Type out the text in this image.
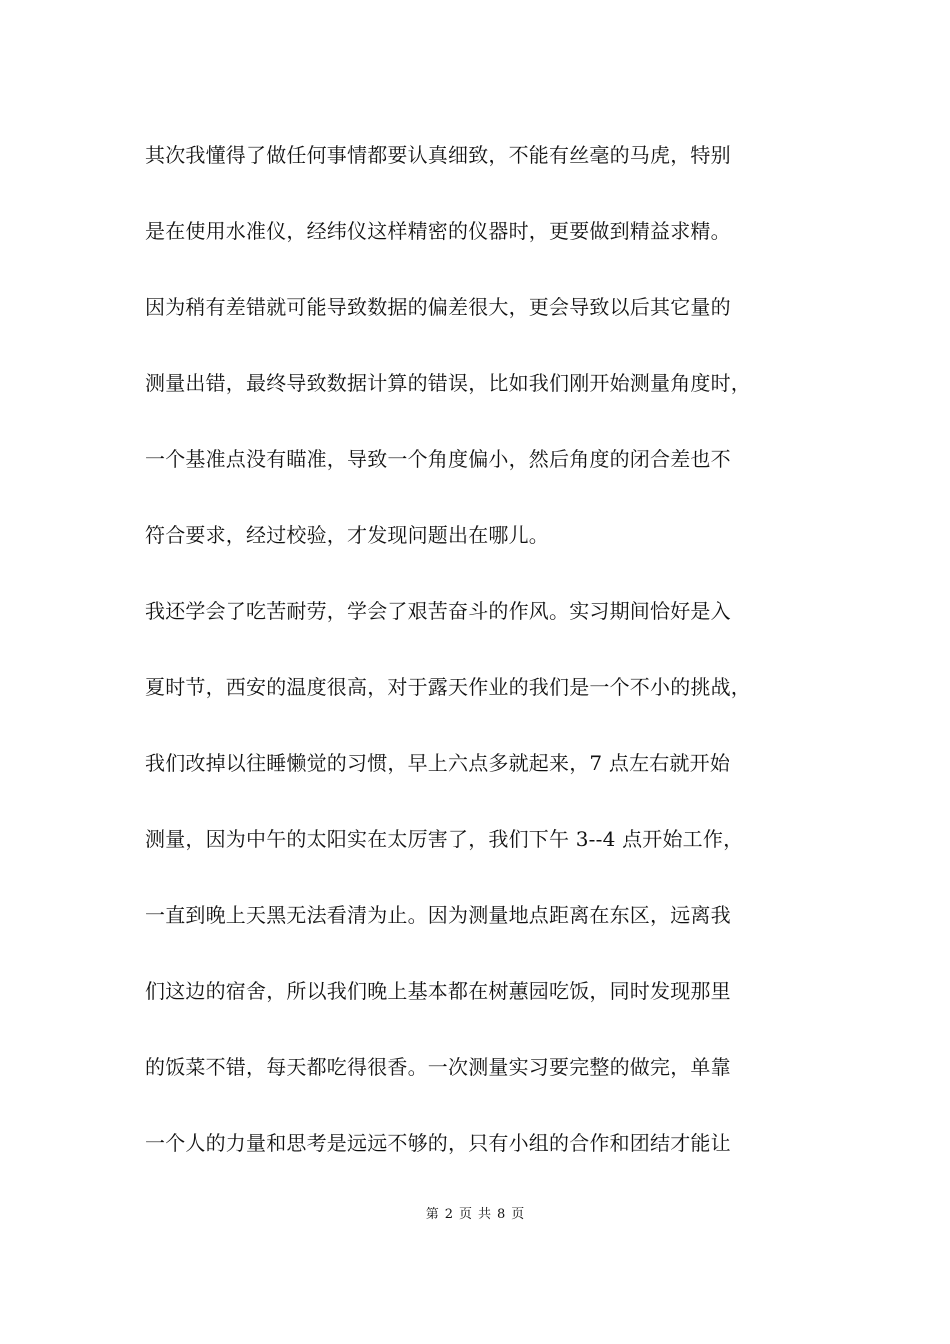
其次我懂得了做任何事情都要认真细致，不能有丝毫的马虎，特别
是在使用水准仪，经纬仪这样精密的仪器时，更要做到精益求精。
因为稍有差错就可能导致数据的偏差很大，更会导致以后其它量的
测量出错，最终导致数据计算的错误，比如我们刚开始测量角度时，
一个基准点没有瞄准，导致一个角度偏小，然后角度的闭合差也不
符合要求，经过校验，才发现问题出在哪儿。
我还学会了吃苦耐劳，学会了艰苦奋斗的作风。实习期间恰好是入
夏时节，西安的温度很高，对于露天作业的我们是一个不小的挑战，
我们改掉以往睡懒觉的习惯，早上六点多就起来，7 点左右就开始
测量，因为中午的太阳实在太厉害了，我们下午 3--4 点开始工作，
一直到晚上天黑无法看清为止。因为测量地点距离在东区，远离我
们这边的宿舍，所以我们晚上基本都在树蕙园吃饭，同时发现那里
的饭菜不错，每天都吃得很香。一次测量实习要完整的做完，单靠
一个人的力量和思考是远远不够的，只有小组的合作和团结才能让
第 2 页 共 8 页
